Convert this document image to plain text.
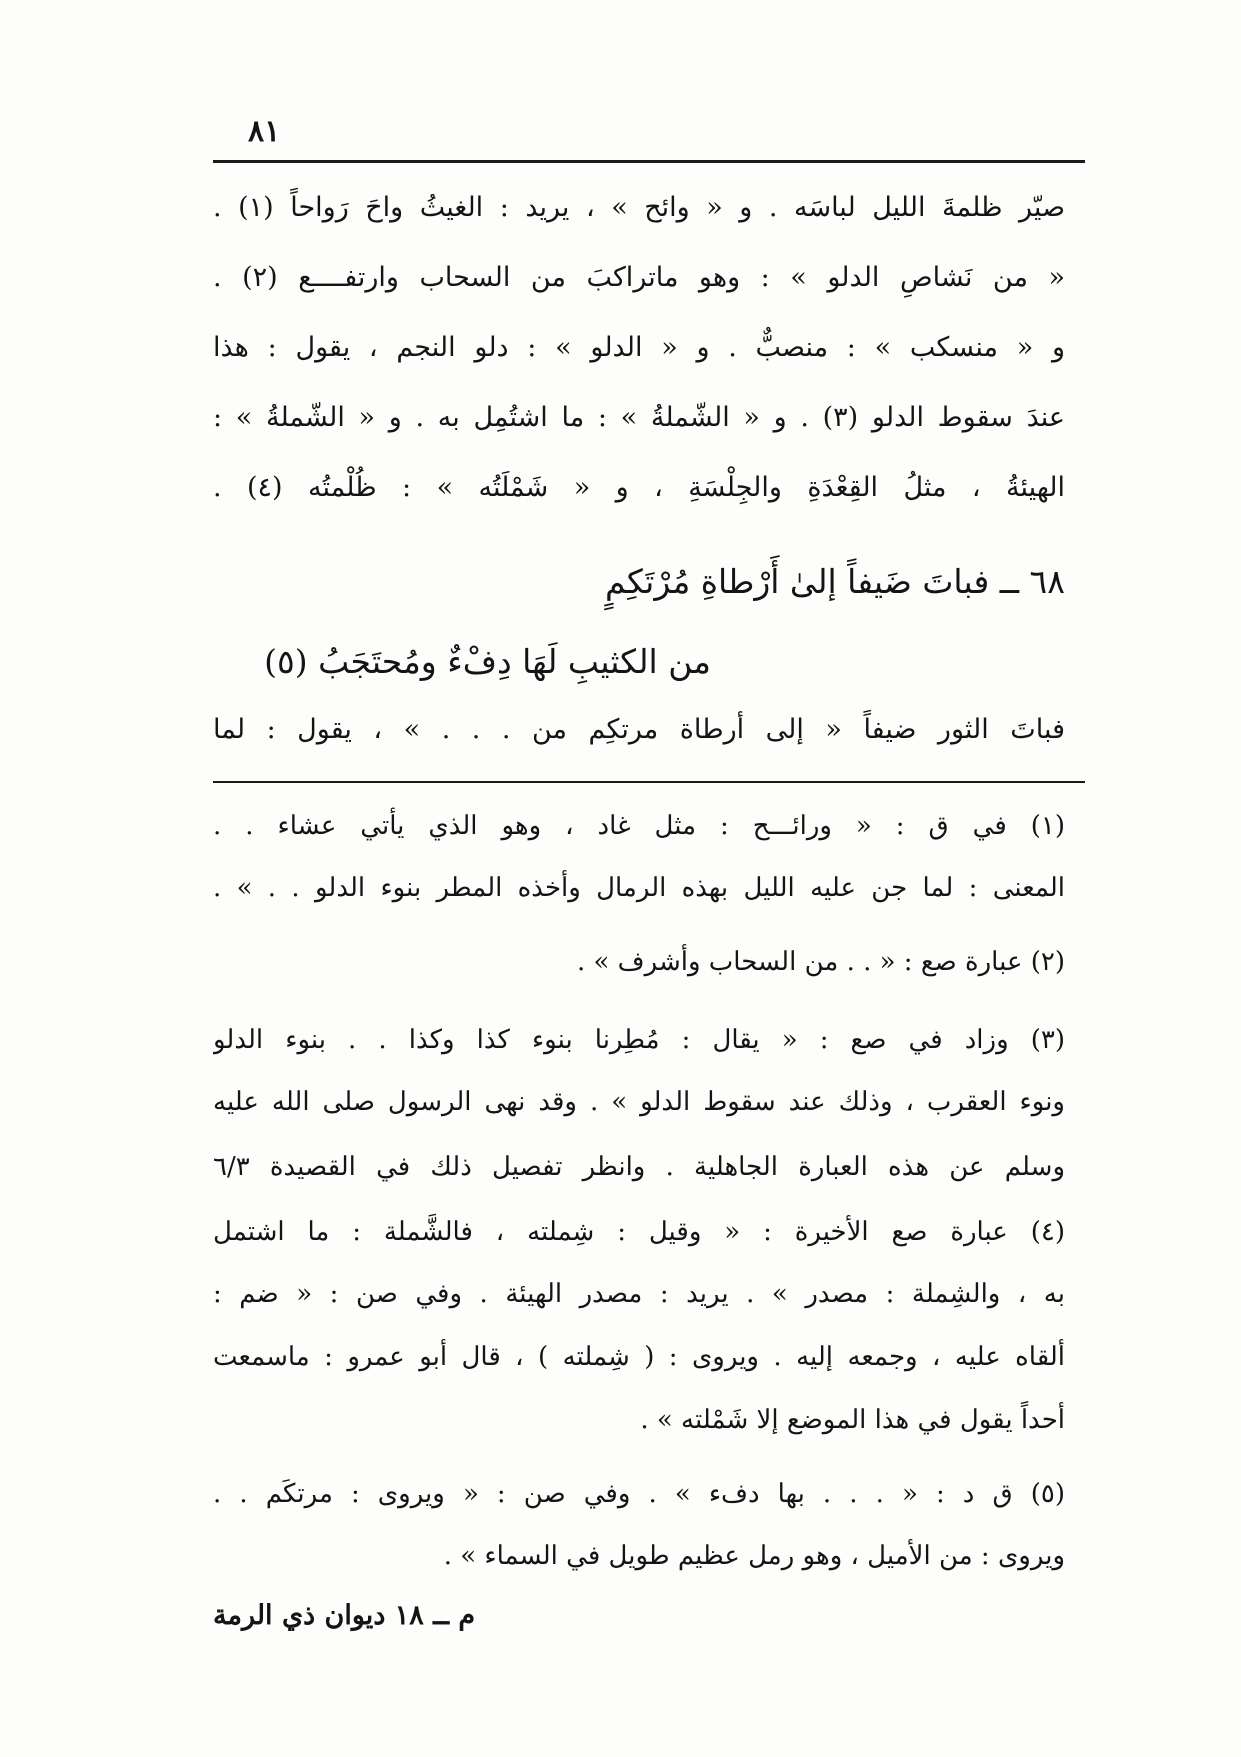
٨١
صيّر ظلمةَ الليل لباسَه . و « وائح » ، يريد : الغيثُ واحَ رَواحاً (١) .
« من نَشاصِ الدلو » : وهو ماتراكبَ من السحاب وارتفــــع (٢) .
و « منسكب » : منصبٌّ . و « الدلو » : دلو النجم ، يقول : هذا
عندَ سقوط الدلو (٣) . و « الشّملةُ » : ما اشتُمِل به . و « الشّملةُ » :
الهيئةُ ، مثلُ القِعْدَةِ والجِلْسَةِ ، و « شَمْلَتُه » : ظُلْمتُه (٤) .
٦٨ ــ فباتَ ضَيفاً إلىٰ أَرْطاةِ مُرْتَكِمٍ
من الكثيبِ لَهَا دِفْءٌ ومُحتَجَبُ (٥)
فباتَ الثور ضيفاً « إلى أرطاة مرتكِم من . . . » ، يقول : لما
(١) في ق : « ورائـــح : مثل غاد ، وهو الذي يأتي عشاء . .
المعنى : لما جن عليه الليل بهذه الرمال وأخذه المطر بنوء الدلو . . » .
(٢) عبارة صع : « . . من السحاب وأشرف » .
(٣) وزاد في صع : « يقال : مُطِرنا بنوء كذا وكذا . . بنوء الدلو
ونوء العقرب ، وذلك عند سقوط الدلو » . وقد نهى الرسول صلى الله عليه
وسلم عن هذه العبارة الجاهلية . وانظر تفصيل ذلك في القصيدة ٦/٣
(٤) عبارة صع الأخيرة : « وقيل : شِملته ، فالشَّملة : ما اشتمل
به ، والشِملة : مصدر » . يريد : مصدر الهيئة . وفي صن : « ضم :
ألقاه عليه ، وجمعه إليه . ويروى : ( شِملته ) ، قال أبو عمرو : ماسمعت
أحداً يقول في هذا الموضع إلا شَمْلته » .
(٥) ق د : « . . . بها دفء » . وفي صن : « ويروى : مرتكَم . .
ويروى : من الأميل ، وهو رمل عظيم طويل في السماء » .
م ــ ١٨ ديوان ذي الرمة
